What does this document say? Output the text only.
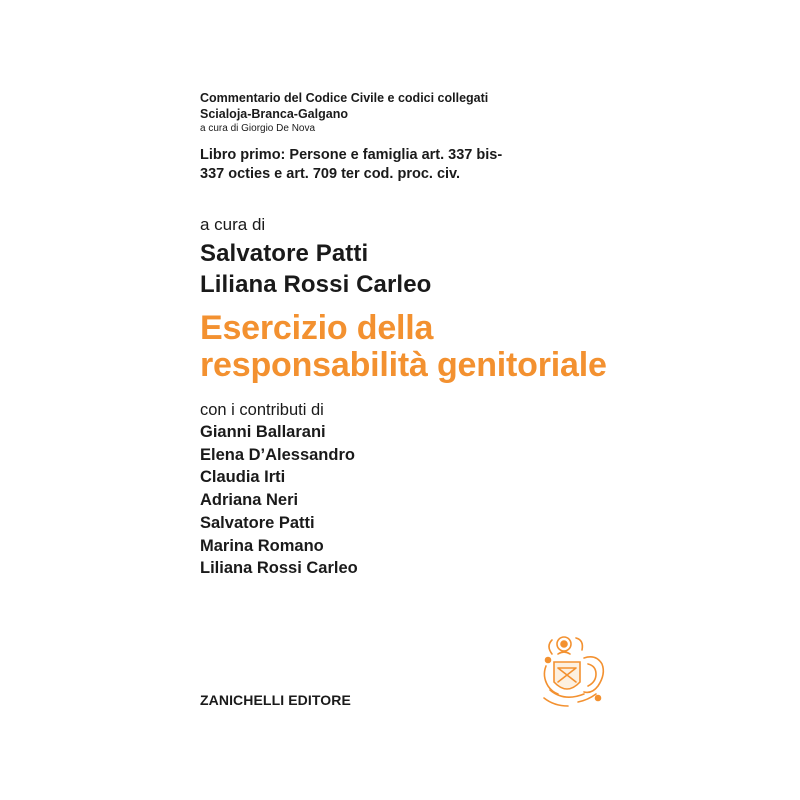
Commentario del Codice Civile e codici collegati
Scialoja-Branca-Galgano
a cura di Giorgio De Nova
Libro primo: Persone e famiglia art. 337 bis-
337 octies e art. 709 ter cod. proc. civ.
a cura di
Salvatore Patti
Liliana Rossi Carleo
Esercizio della
responsabilità genitoriale
con i contributi di
Gianni Ballarani
Elena D’Alessandro
Claudia Irti
Adriana Neri
Salvatore Patti
Marina Romano
Liliana Rossi Carleo
ZANICHELLI EDITORE
